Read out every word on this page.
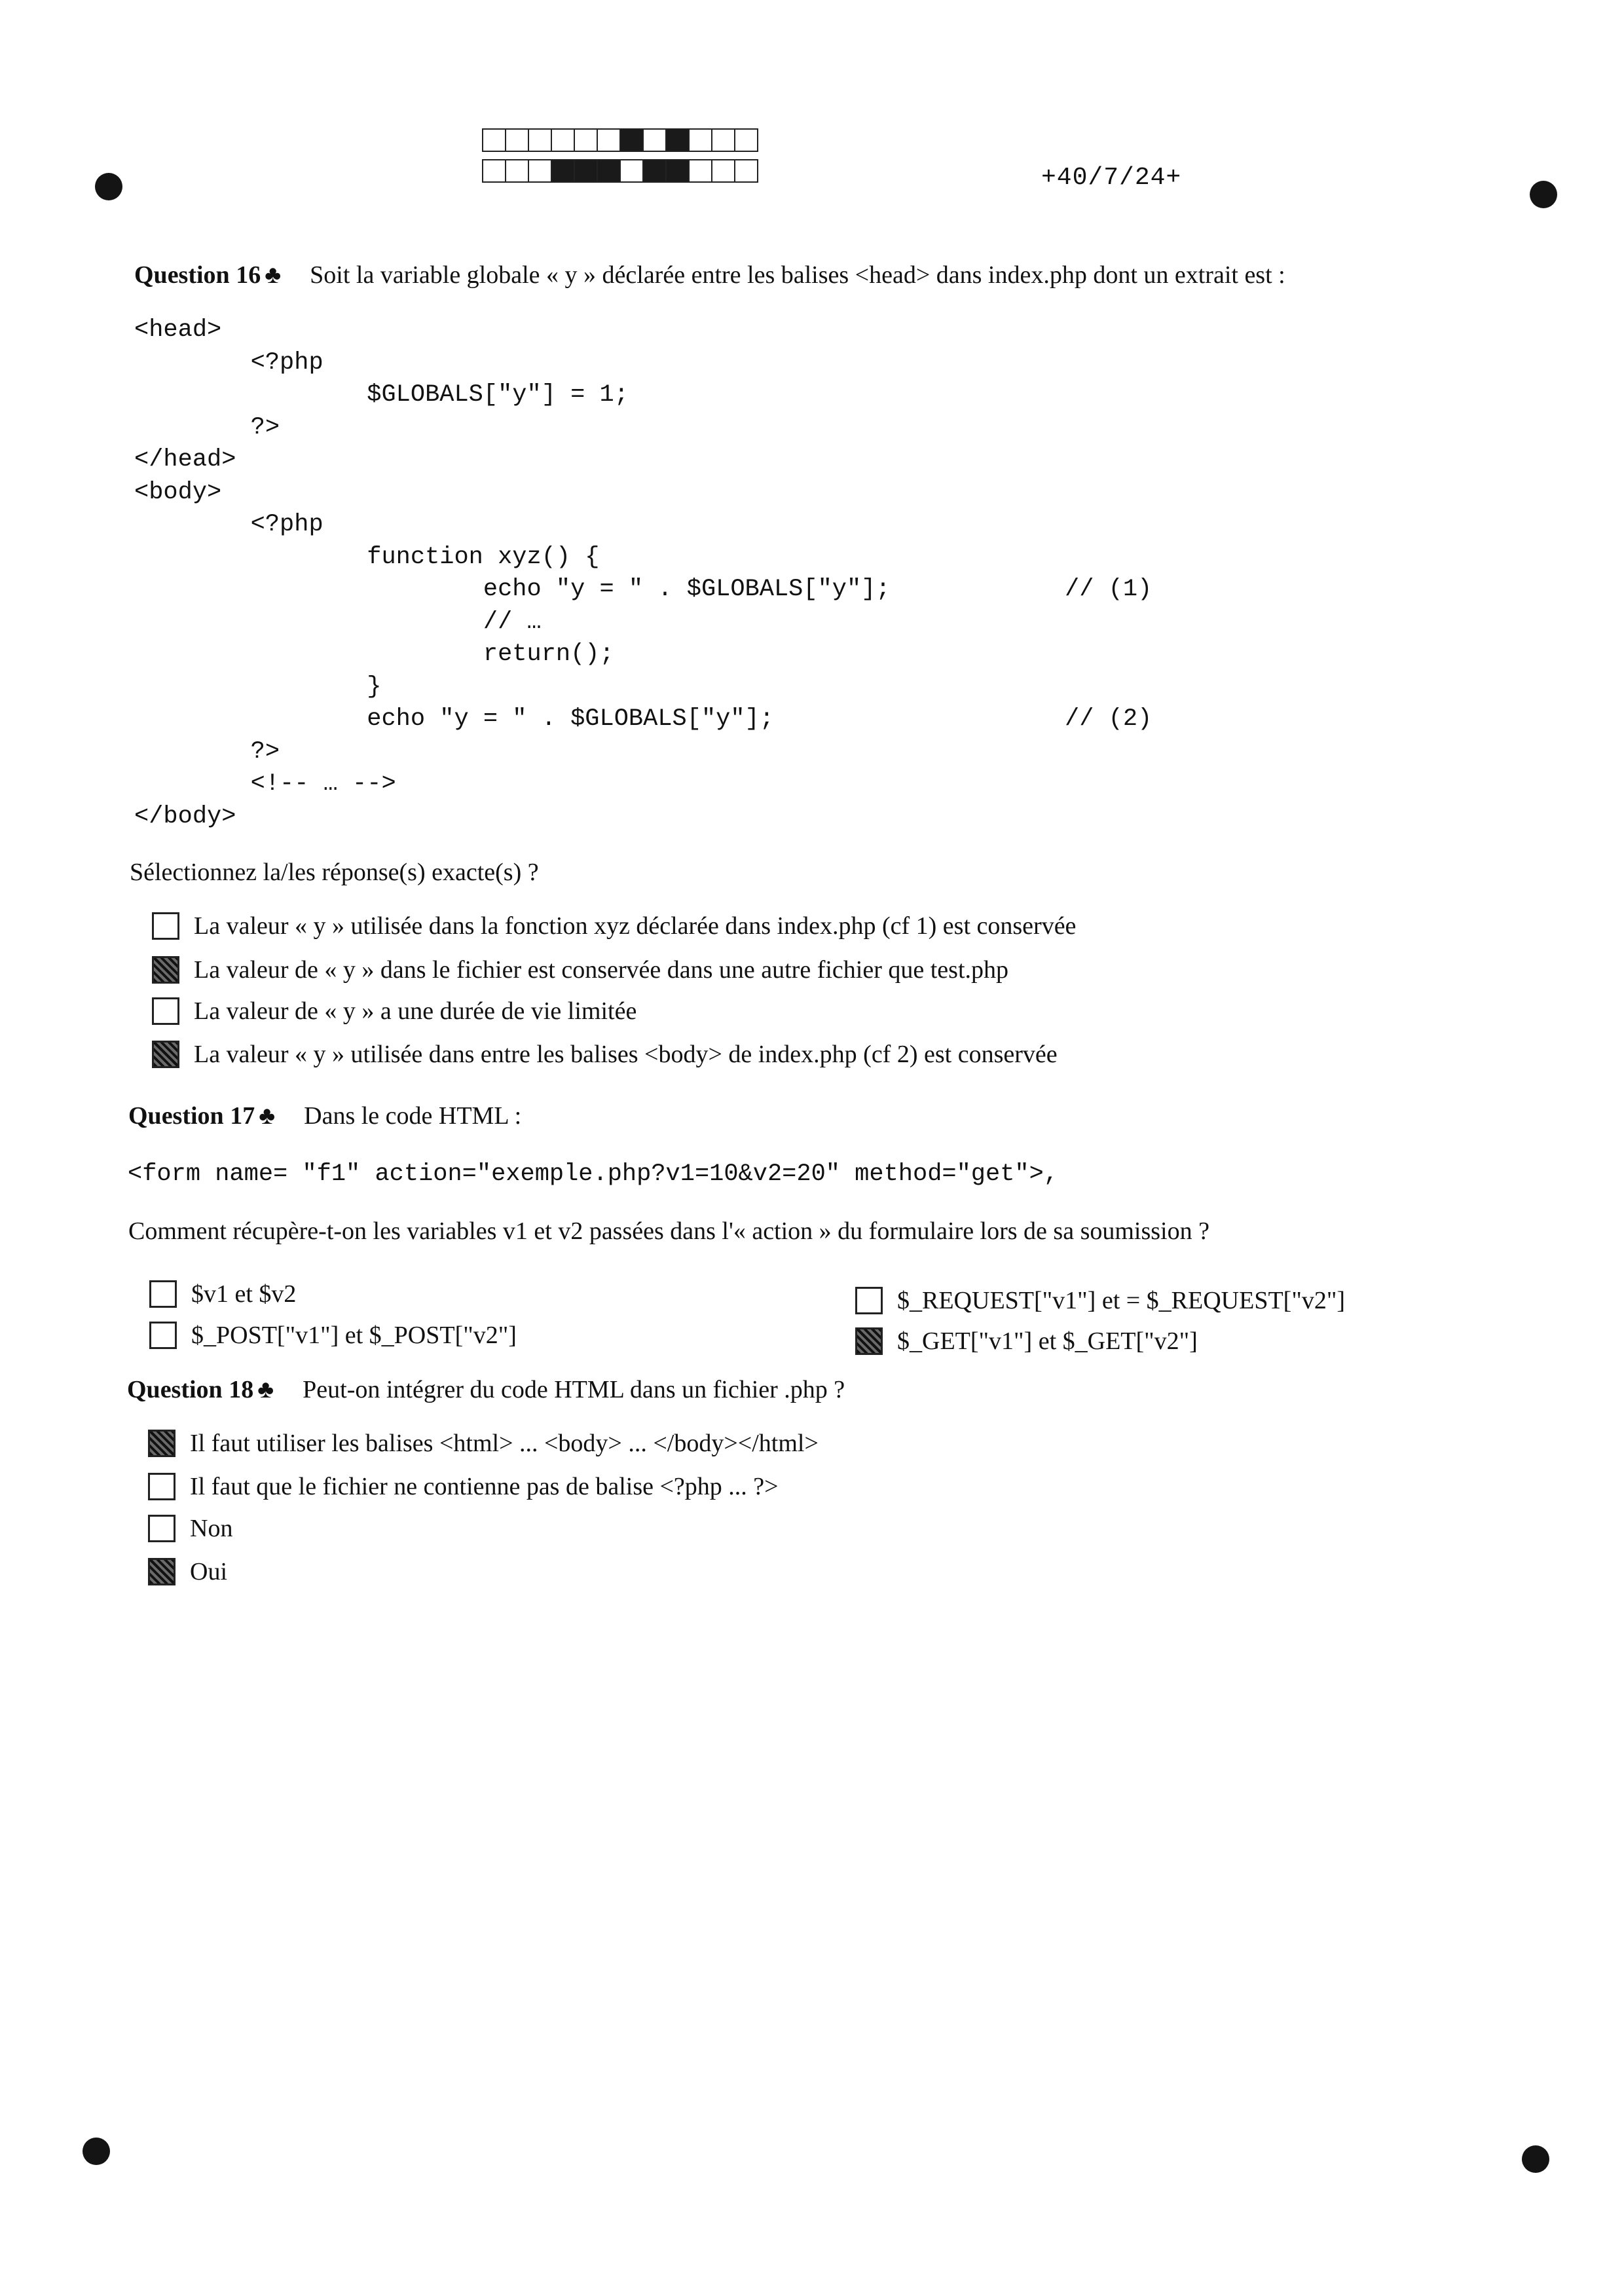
+40/7/24+
Question 16 ♣ Soit la variable globale « y » déclarée entre les balises <head> dans index.php dont un extrait est :
<head>
<?php
$GLOBALS["y"] = 1;
?>
</head>
<body>
<?php
function xyz() {
echo "y = " . $GLOBALS["y"];            // (1)
// …
return();
}
echo "y = " . $GLOBALS["y"];                    // (2)
?>
<!-- … -->
</body>
Sélectionnez la/les réponse(s) exacte(s) ?
La valeur « y » utilisée dans la fonction xyz déclarée dans index.php (cf 1) est conservée
La valeur de « y » dans le fichier est conservée dans une autre fichier que test.php
La valeur de « y » a une durée de vie limitée
La valeur « y » utilisée dans entre les balises <body> de index.php (cf 2) est conservée
Question 17 ♣ Dans le code HTML :
<form name= "f1" action="exemple.php?v1=10&v2=20" method="get">,
Comment récupère-t-on les variables v1 et v2 passées dans l'« action » du formulaire lors de sa soumission ?
$v1 et $v2
$_POST["v1"] et $_POST["v2"]
$_REQUEST["v1"] et = $_REQUEST["v2"]
$_GET["v1"] et $_GET["v2"]
Question 18 ♣ Peut-on intégrer du code HTML dans un fichier .php ?
Il faut utiliser les balises <html> ... <body> ... </body></html>
Il faut que le fichier ne contienne pas de balise <?php ... ?>
Non
Oui
